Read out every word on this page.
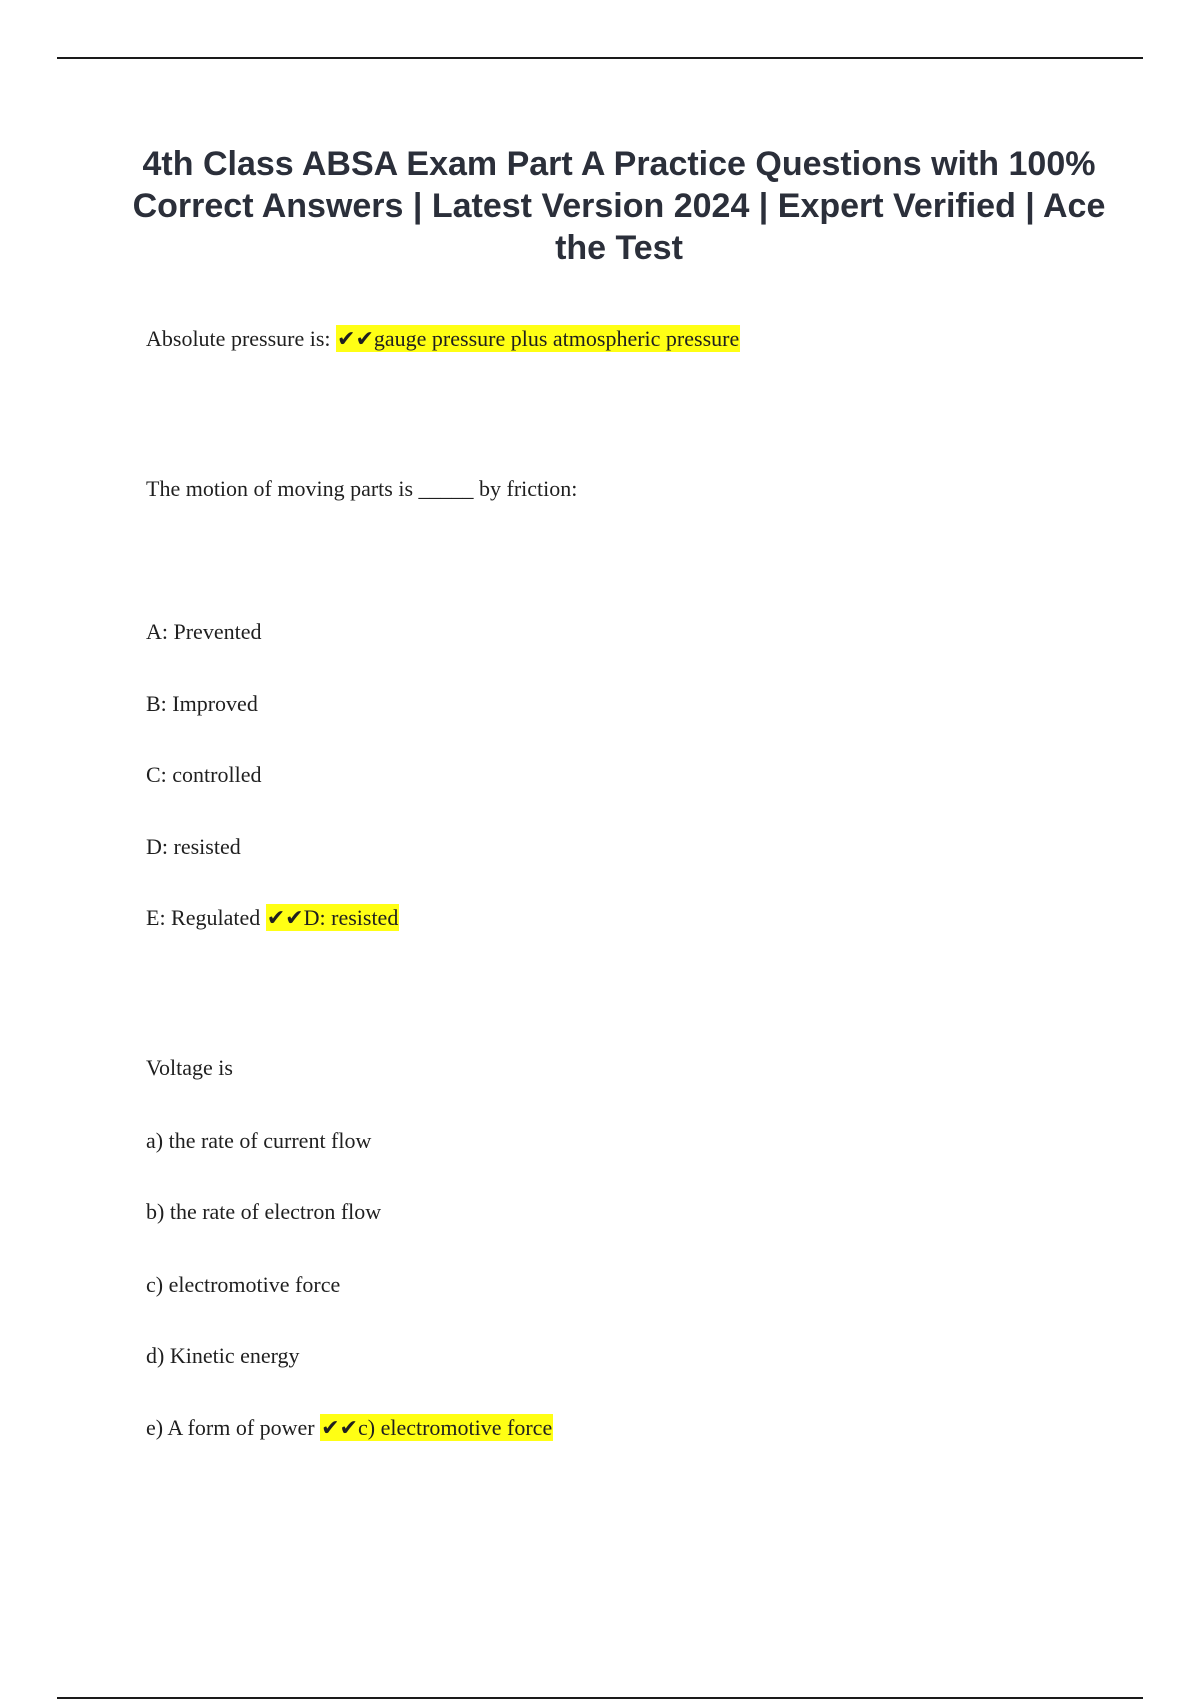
4th Class ABSA Exam Part A Practice Questions with 100% Correct Answers | Latest Version 2024 | Expert Verified | Ace the Test

Absolute pressure is: ✔✔gauge pressure plus atmospheric pressure

The motion of moving parts is _____ by friction:

A: Prevented

B: Improved

C: controlled

D: resisted

E: Regulated ✔✔D: resisted

Voltage is

a) the rate of current flow

b) the rate of electron flow

c) electromotive force

d) Kinetic energy

e) A form of power ✔✔c) electromotive force
